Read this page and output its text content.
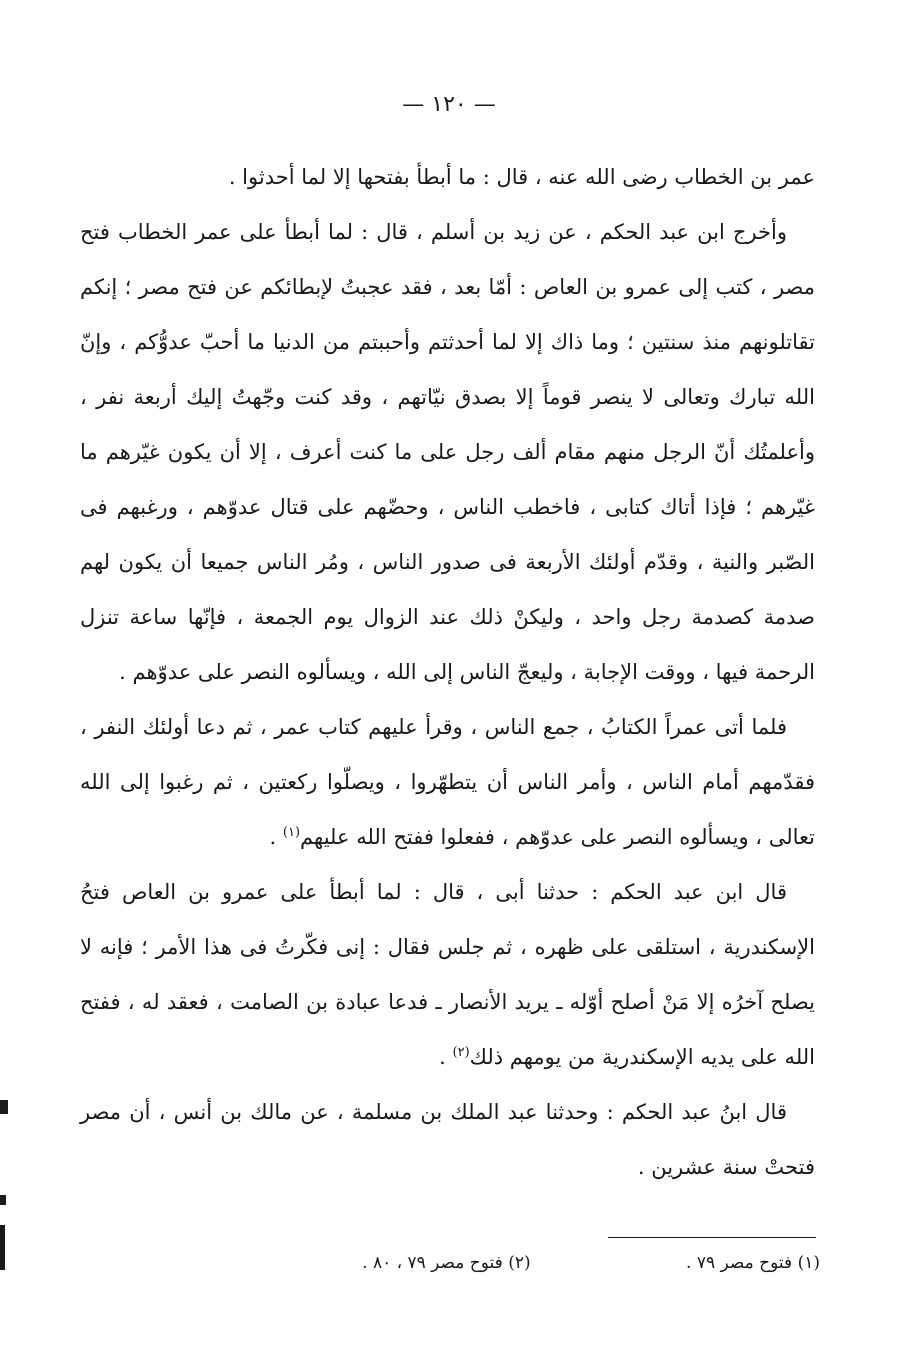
— ١٢٠ —

عمر بن الخطاب رضى الله عنه ، قال : ما أبطأ بفتحها إلا لما أحدثوا .

وأخرج ابن عبد الحكم ، عن زيد بن أسلم ، قال : لما أبطأ على عمر الخطاب فتح مصر ، كتب إلى عمرو بن العاص : أمّا بعد ، فقد عجبتُ لإبطائكم عن فتح مصر ؛ إنكم تقاتلونهم منذ سنتين ؛ وما ذاك إلا لما أحدثتم وأحببتم من الدنيا ما أحبّ عدوُّكم ، وإنّ الله تبارك وتعالى لا ينصر قوماً إلا بصدق نيّاتهم ، وقد كنت وجّهتُ إليك أربعة نفر ، وأعلمتُك أنّ الرجل منهم مقام ألف رجل على ما كنت أعرف ، إلا أن يكون غيّرهم ما غيّرهم ؛ فإذا أتاك كتابى ، فاخطب الناس ، وحضّهم على قتال عدوّهم ، ورغبهم فى الصّبر والنية ، وقدّم أولئك الأربعة فى صدور الناس ، ومُر الناس جميعا أن يكون لهم صدمة كصدمة رجل واحد ، وليكنْ ذلك عند الزوال يوم الجمعة ، فإنّها ساعة تنزل الرحمة فيها ، ووقت الإجابة ، وليعجّ الناس إلى الله ، ويسألوه النصر على عدوّهم .

فلما أتى عمراً الكتابُ ، جمع الناس ، وقرأ عليهم كتاب عمر ، ثم دعا أولئك النفر ، فقدّمهم أمام الناس ، وأمر الناس أن يتطهّروا ، ويصلّوا ركعتين ، ثم رغبوا إلى الله تعالى ، ويسألوه النصر على عدوّهم ، ففعلوا ففتح الله عليهم$^{(١)}$ .

قال ابن عبد الحكم : حدثنا أبى ، قال : لما أبطأ على عمرو بن العاص فتحُ الإسكندرية ، استلقى على ظهره ، ثم جلس فقال : إنى فكّرتُ فى هذا الأمر ؛ فإنه لا يصلح آخرُه إلا مَنْ أصلح أوّله ـ يريد الأنصار ـ فدعا عبادة بن الصامت ، فعقد له ، ففتح الله على يديه الإسكندرية من يومهم ذلك$^{(٢)}$ .

قال ابنُ عبد الحكم : وحدثنا عبد الملك بن مسلمة ، عن مالك بن أنس ، أن مصر فتحتْ سنة عشرين .

(١) فتوح مصر ٧٩ . (٢) فتوح مصر ٧٩ ، ٨٠ .
